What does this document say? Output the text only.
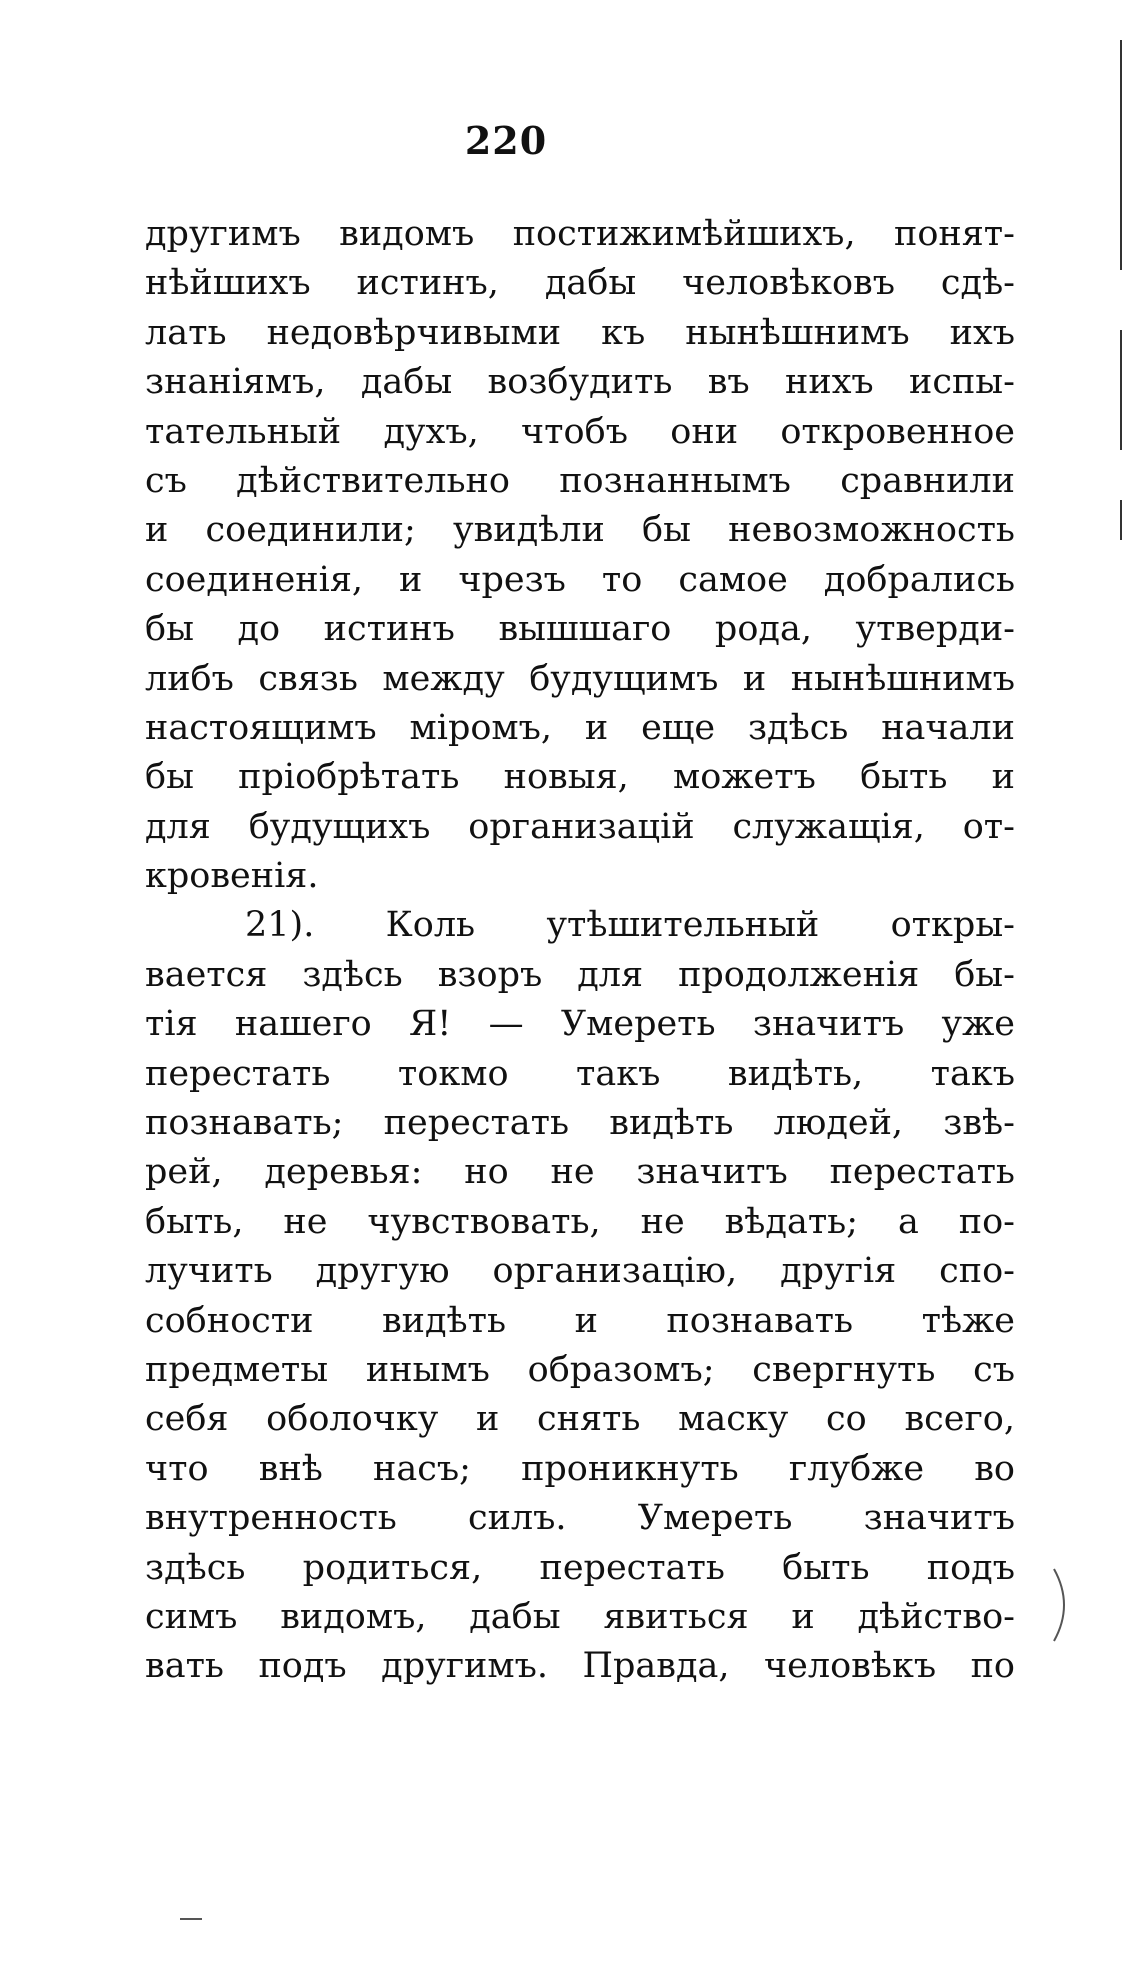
220
другимъ видомъ постижимѣйшихъ, понят-
нѣйшихъ истинъ, дабы человѣковъ сдѣ-
лать недовѣрчивыми къ нынѣшнимъ ихъ
знаніямъ, дабы возбудить въ нихъ испы-
тательный духъ, чтобъ они откровенное
съ дѣйствительно познаннымъ сравнили
и соединили; увидѣли бы невозможность
соединенія, и чрезъ то самое добрались
бы до истинъ вышшаго рода, утверди-
либъ связь между будущимъ и нынѣшнимъ
настоящимъ міромъ, и еще здѣсь начали
бы пріобрѣтать новыя, можетъ быть и
для будущихъ организацій служащія, от-
кровенія.
21). Коль утѣшительный откры-
вается здѣсь взоръ для продолженія бы-
тія нашего Я! — Умереть значитъ уже
перестать токмо такъ видѣть, такъ
познавать; перестать видѣть людей, звѣ-
рей, деревья: но не значитъ перестать
быть, не чувствовать, не вѣдать; а по-
лучить другую организацію, другія спо-
собности видѣть и познавать тѣже
предметы инымъ образомъ; свергнуть съ
себя оболочку и снять маску со всего,
что внѣ насъ; проникнуть глубже во
внутренность силъ. Умереть значитъ
здѣсь родиться, перестать быть подъ
симъ видомъ, дабы явиться и дѣйство-
вать подъ другимъ. Правда, человѣкъ по
